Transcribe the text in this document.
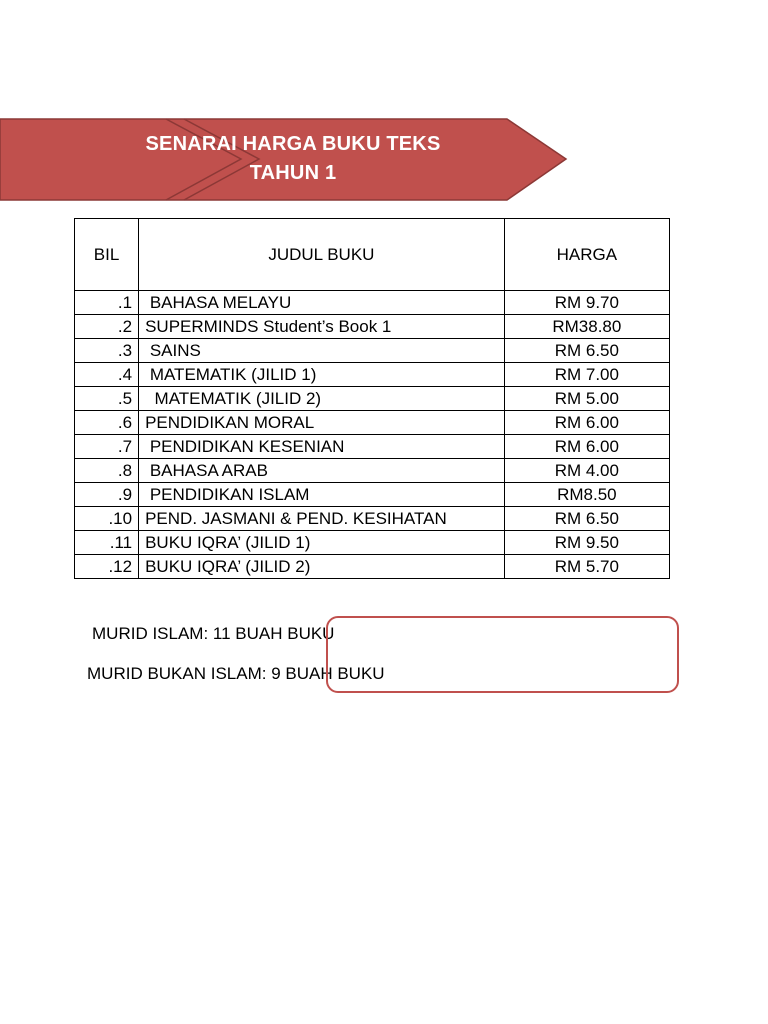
SENARAI HARGA BUKU TEKS
TAHUN 1
BIL	JUDUL BUKU	HARGA
.1	BAHASA MELAYU	RM 9.70
.2	SUPERMINDS Student’s Book 1	RM38.80
.3	SAINS	RM 6.50
.4	MATEMATIK (JILID 1)	RM 7.00
.5	MATEMATIK (JILID 2)	RM 5.00
.6	PENDIDIKAN MORAL	RM 6.00
.7	PENDIDIKAN KESENIAN	RM 6.00
.8	BAHASA ARAB	RM 4.00
.9	PENDIDIKAN ISLAM	RM8.50
.10	PEND. JASMANI & PEND. KESIHATAN	RM 6.50
.11	BUKU IQRA’ (JILID 1)	RM 9.50
.12	BUKU IQRA’ (JILID 2)	RM 5.70
MURID ISLAM: 11 BUAH BUKU
MURID BUKAN ISLAM: 9 BUAH BUKU
